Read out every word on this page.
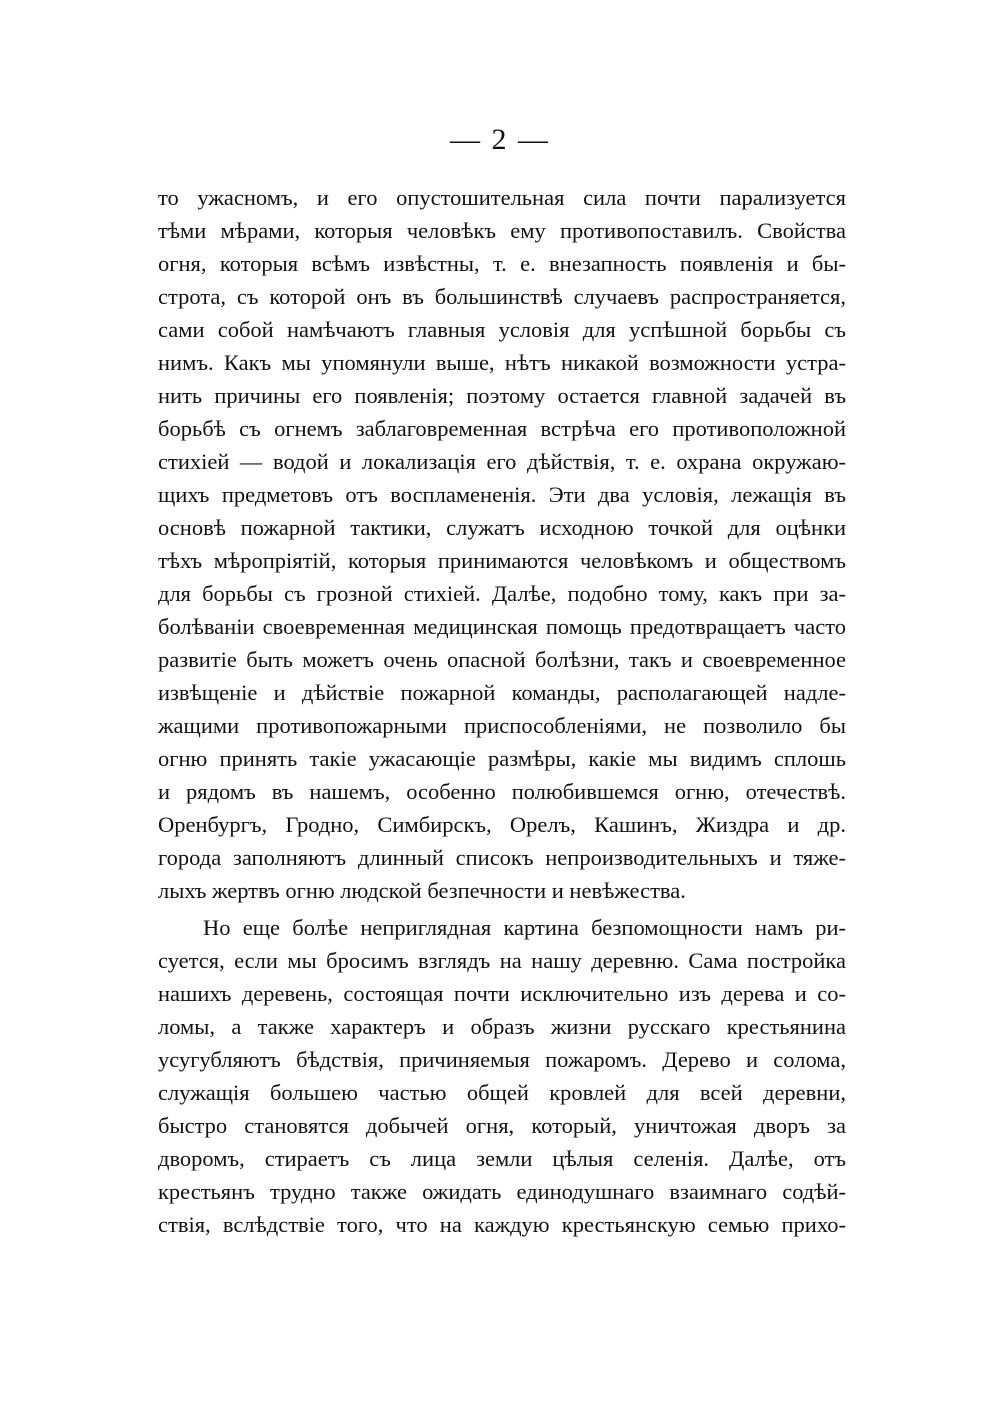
— 2 —
то ужасномъ, и его опустошительная сила почти парализуется
тѣми мѣрами, которыя человѣкъ ему противопоставилъ. Свойства
огня, которыя всѣмъ извѣстны, т. е. внезапность появленія и бы-
строта, съ которой онъ въ большинствѣ случаевъ распространяется,
сами собой намѣчаютъ главныя условія для успѣшной борьбы съ
нимъ. Какъ мы упомянули выше, нѣтъ никакой возможности устра-
нить причины его появленія; поэтому остается главной задачей въ
борьбѣ съ огнемъ заблаговременная встрѣча его противоположной
стихіей — водой и локализація его дѣйствія, т. е. охрана окружаю-
щихъ предметовъ отъ воспламененія. Эти два условія, лежащія въ
основѣ пожарной тактики, служатъ исходною точкой для оцѣнки
тѣхъ мѣропріятій, которыя принимаются человѣкомъ и обществомъ
для борьбы съ грозной стихіей. Далѣе, подобно тому, какъ при за-
болѣваніи своевременная медицинская помощь предотвращаетъ часто
развитіе быть можетъ очень опасной болѣзни, такъ и своевременное
извѣщеніе и дѣйствіе пожарной команды, располагающей надле-
жащими противопожарными приспособленіями, не позволило бы
огню принять такіе ужасающіе размѣры, какіе мы видимъ сплошь
и рядомъ въ нашемъ, особенно полюбившемся огню, отечествѣ.
Оренбургъ, Гродно, Симбирскъ, Орелъ, Кашинъ, Жиздра и др.
города заполняютъ длинный списокъ непроизводительныхъ и тяже-
лыхъ жертвъ огню людской безпечности и невѣжества.
Но еще болѣе неприглядная картина безпомощности намъ ри-
суется, если мы бросимъ взглядъ на нашу деревню. Сама постройка
нашихъ деревень, состоящая почти исключительно изъ дерева и со-
ломы, а также характеръ и образъ жизни русскаго крестьянина
усугубляютъ бѣдствія, причиняемыя пожаромъ. Дерево и солома,
служащія большею частью общей кровлей для всей деревни,
быстро становятся добычей огня, который, уничтожая дворъ за
дворомъ, стираетъ съ лица земли цѣлыя селенія. Далѣе, отъ
крестьянъ трудно также ожидать единодушнаго взаимнаго содѣй-
ствія, вслѣдствіе того, что на каждую крестьянскую семью прихо-
